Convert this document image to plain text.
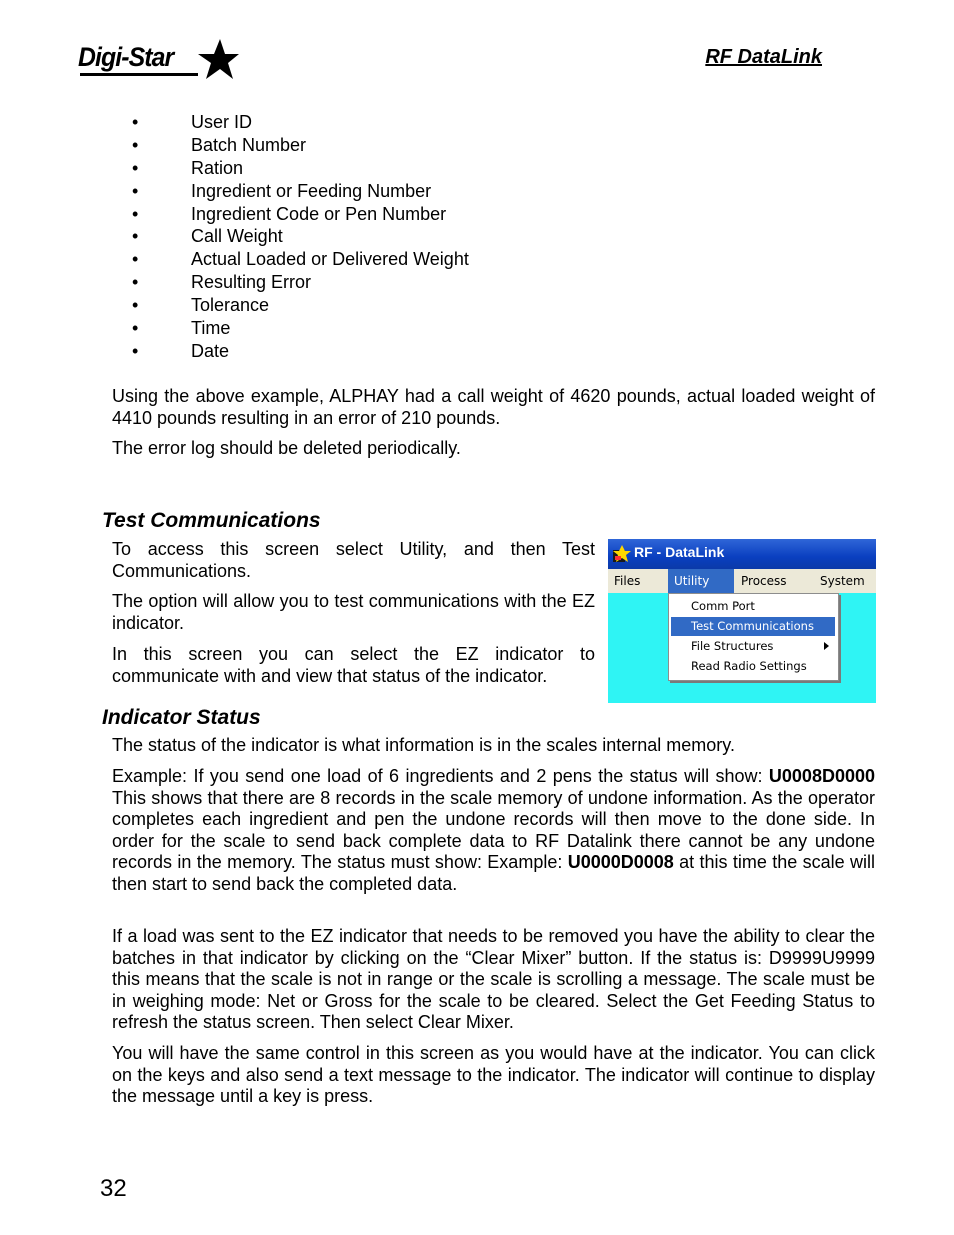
Digi-Star	RF DataLink
•	User ID
•	Batch Number
•	Ration
•	Ingredient or Feeding Number
•	Ingredient Code or Pen Number
•	Call Weight
•	Actual Loaded or Delivered Weight
•	Resulting Error
•	Tolerance
•	Time
•	Date

Using the above example, ALPHAY had a call weight of 4620 pounds, actual loaded weight of 4410 pounds resulting in an error of 210 pounds.

The error log should be deleted periodically.

Test Communications

To access this screen select Utility, and then Test Communications.

The option will allow you to test communications with the EZ indicator.

In this screen you can select the EZ indicator to communicate with and view that status of the indicator.

RF - DataLink
Files	Utility	Process	System
Comm Port
Test Communications
File Structures
Read Radio Settings
Indicator Status

The status of the indicator is what information is in the scales internal memory.

Example: If you send one load of 6 ingredients and 2 pens the status will show: U0008D0000 This shows that there are 8 records in the scale memory of undone information. As the operator completes each ingredient and pen the undone records will then move to the done side. In order for the scale to send back complete data to RF Datalink there cannot be any undone records in the memory. The status must show: Example: U0000D0008 at this time the scale will then start to send back the completed data.

If a load was sent to the EZ indicator that needs to be removed you have the ability to clear the batches in that indicator by clicking on the “Clear Mixer” button. If the status is: D9999U9999 this means that the scale is not in range or the scale is scrolling a message. The scale must be in weighing mode: Net or Gross for the scale to be cleared. Select the Get Feeding Status to refresh the status screen. Then select Clear Mixer.

You will have the same control in this screen as you would have at the indicator. You can click on the keys and also send a text message to the indicator. The indicator will continue to display the message until a key is press.

32
